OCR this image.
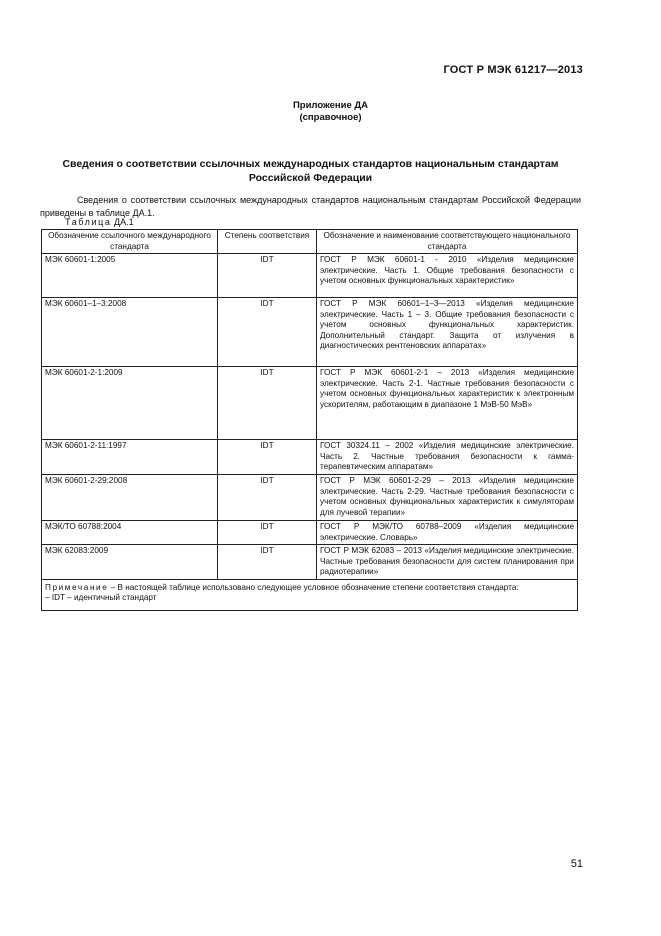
ГОСТ Р МЭК 61217—2013
Приложение ДА
(справочное)
Сведения о соответствии ссылочных международных стандартов национальным стандартам Российской Федерации
Сведения о соответствии ссылочных международных стандартов национальным стандартам Российской Федерации приведены в таблице ДА.1.
Таблица ДА.1
Обозначение ссылочного международного стандарта	Степень соответствия	Обозначение и наименование соответствующего национального стандарта
МЭК 60601-1:2005	IDT	ГОСТ Р МЭК 60601-1 - 2010 «Изделия медицинские электрические. Часть 1. Общие требования безопасности с учетом основных функциональных характеристик»
МЭК 60601–1–3:2008	IDT	ГОСТ Р МЭК 60601–1–3—2013 «Изделия медицинские электрические. Часть 1 – 3. Общие требования безопасности с учетом основных функциональных характеристик. Дополнительный стандарт. Защита от излучения в диагностических рентгеновских аппаратах»
МЭК 60601-2-1:2009	IDT	ГОСТ Р МЭК 60601-2-1 – 2013 «Изделия медицинские электрические. Часть 2-1. Частные требования безопасности с учетом основных функциональных характеристик к электронным ускорителям, работающим в диапазоне 1 МэВ-50 МэВ»
МЭК 60601-2-11:1997	IDT	ГОСТ 30324.11 – 2002 «Изделия медицинские электрические. Часть 2. Частные требования безопасности к гамма-терапевтическим аппаратам»
МЭК 60601-2-29:2008	IDT	ГОСТ Р МЭК 60601-2-29 – 2013 «Изделия медицинские электрические. Часть 2-29. Частные требования безопасности с учетом основных функциональных характеристик к симуляторам для лучевой терапии»
МЭК/ТО 60788:2004	IDT	ГОСТ Р МЭК/ТО 60788–2009 «Изделия медицинские электрические. Словарь»
МЭК 62083:2009	IDT	ГОСТ Р МЭК 62083 – 2013 «Изделия медицинские электрические. Частные требования безопасности для систем планирования при радиотерапии»
Примечание – В настоящей таблице использовано следующее условное обозначение степени соответствия стандарта:
– IDT – идентичный стандарт		
51
